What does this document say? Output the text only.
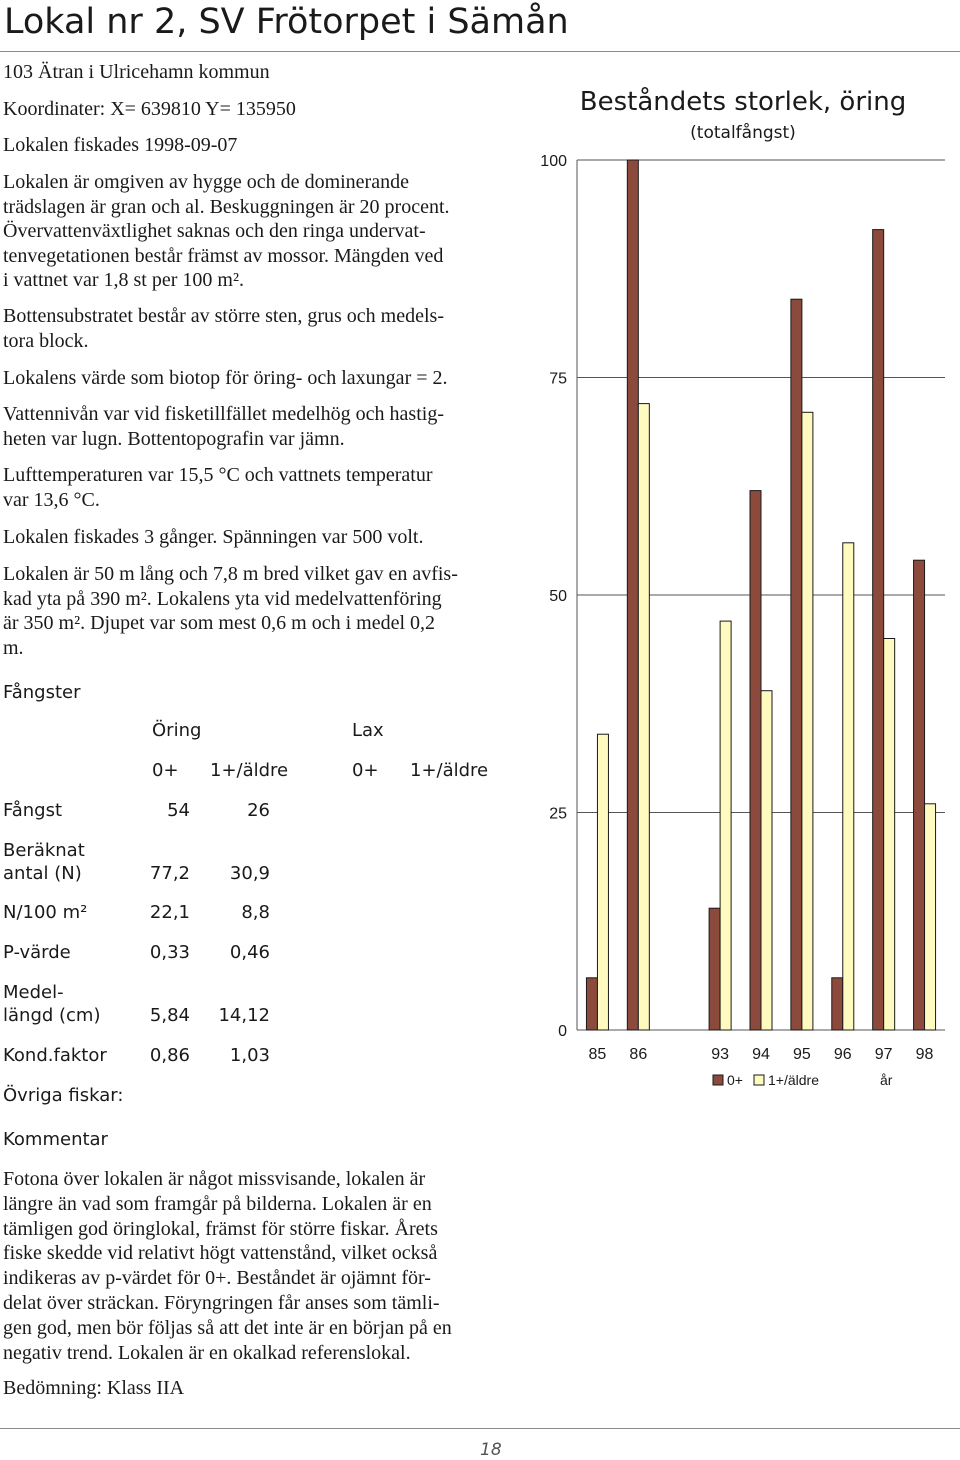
Lokal nr 2, SV Frötorpet i Sämån
103 Ätran i Ulricehamn kommun
Koordinater: X= 639810 Y= 135950
Lokalen fiskades 1998-09-07
Lokalen är omgiven av hygge och de dominerande
trädslagen är gran och al. Beskuggningen är 20 procent.
Övervattenväxtlighet saknas och den ringa undervat-
tenvegetationen består främst av mossor. Mängden ved
i vattnet var 1,8 st per 100 m².
Bottensubstratet består av större sten, grus och medels-
tora block.
Lokalens värde som biotop för öring- och laxungar = 2.
Vattennivån var vid fisketillfället medelhög och hastig-
heten var lugn. Bottentopografin var jämn.
Lufttemperaturen var 15,5 °C och vattnets temperatur
var 13,6 °C.
Lokalen fiskades 3 gånger. Spänningen var 500 volt.
Lokalen är 50 m lång och 7,8 m bred vilket gav en avfis-
kad yta på 390 m². Lokalens yta vid medelvattenföring
är 350 m². Djupet var som mest 0,6 m och i medel 0,2
m.
Fångster
Öring	Lax
0+ 1+/äldre	0+ 1+/äldre
Fångst	54	26
Beräknat
antal (N)	77,2 30,9
N/100 m²	22,1	8,8
P-värde	0,33 0,46
Medel-
längd (cm)	5,84 14,12
Kond.faktor 0,86 1,03
Övriga fiskar:
Kommentar
Fotona över lokalen är något missvisande, lokalen är
längre än vad som framgår på bilderna. Lokalen är en
tämligen god öringlokal, främst för större fiskar. Årets
fiske skedde vid relativt högt vattenstånd, vilket också
indikeras av p-värdet för 0+. Beståndet är ojämnt för-
delat över sträckan. Föryngringen får anses som tämli-
gen god, men bör följas så att det inte är en början på en
negativ trend. Lokalen är en okalkad referenslokal.
Bedömning: Klass IIA
Beståndets storlek, öring
(totalfångst)
0
25
50
75
100
85 86	93 94 95 96 97 98
0+ 1+/äldre	år
18
